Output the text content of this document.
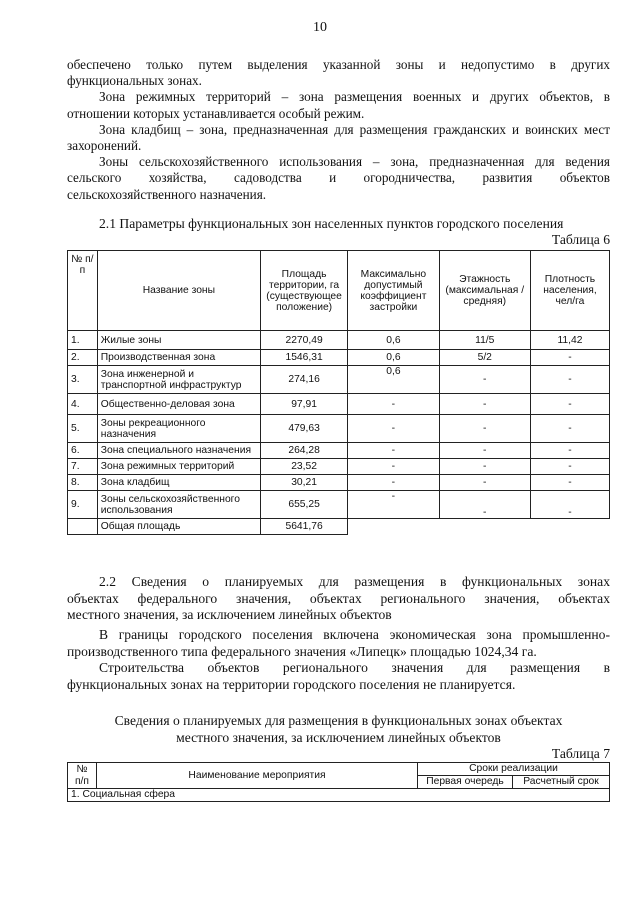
10

обеспечено только путем выделения указанной зоны и недопустимо в других

функциональных зонах.

Зона режимных территорий – зона размещения военных и других объектов, в

отношении которых устанавливается особый режим.

Зона кладбищ – зона, предназначенная для размещения гражданских и воинских мест

захоронений.

Зоны сельскохозяйственного использования – зона, предназначенная для ведения

сельского хозяйства, садоводства и огородничества, развития объектов

сельскохозяйственного назначения.

2.1 Параметры функциональных зон населенных пунктов городского поселения

Таблица 6

№ п/п	Название зоны	Площадь территории, га (существующее положение)	Максимально допустимый коэффициент застройки	Этажность (максимальная /средняя)	Плотность населения, чел/га
1.	Жилые зоны	2270,49	0,6	11/5	11,42
2.	Производственная зона	1546,31	0,6	5/2	-
3.	Зона инженерной и транспортной инфраструктур	274,16	0,6	-	-
4.	Общественно-деловая зона	97,91	-	-	-
5.	Зоны рекреационного назначения	479,63	-	-	-
6.	Зона специального назначения	264,28	-	-	-
7.	Зона режимных территорий	23,52	-	-	-
8.	Зона кладбищ	30,21	-	-	-
9.	Зоны сельскохозяйственного использования	655,25	-	-	-
	Общая площадь	5641,76			

2.2 Сведения о планируемых для размещения в функциональных зонах

объектах федерального значения, объектах регионального значения, объектах

местного значения, за исключением линейных объектов

В границы городского поселения включена экономическая зона промышленно-

производственного типа федерального значения «Липецк» площадью 1024,34 га.

Строительства объектов регионального значения для размещения в

функциональных зонах на территории городского поселения не планируется.

Сведения о планируемых для размещения в функциональных зонах объектах

местного значения, за исключением линейных объектов

Таблица 7

№ п/п	Наименование мероприятия	Сроки реализации	
		Первая очередь	Расчетный срок
1. Социальная сфера			
